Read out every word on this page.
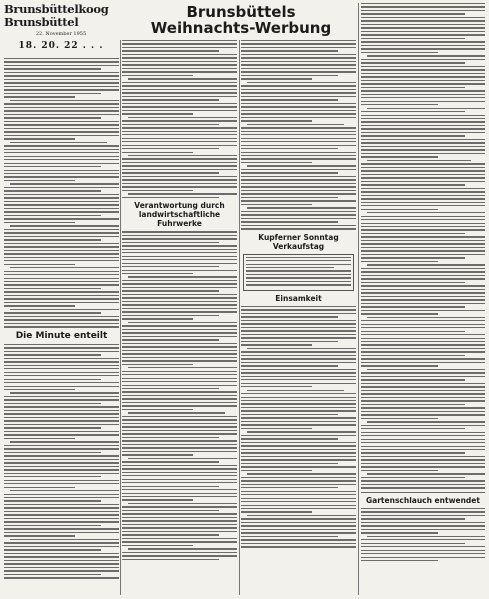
Brunsbüttelkoog
Brunsbüttel
22. November 1955
18. 20. 22 . . .
Brunsbüttels
Weihnachts-Werbung
Die Minute enteilt
Verantwortung durch landwirtschaftliche Fuhrwerke
Kupferner Sonntag
Verkaufstag
Einsamkeit
Gartenschlauch entwendet
